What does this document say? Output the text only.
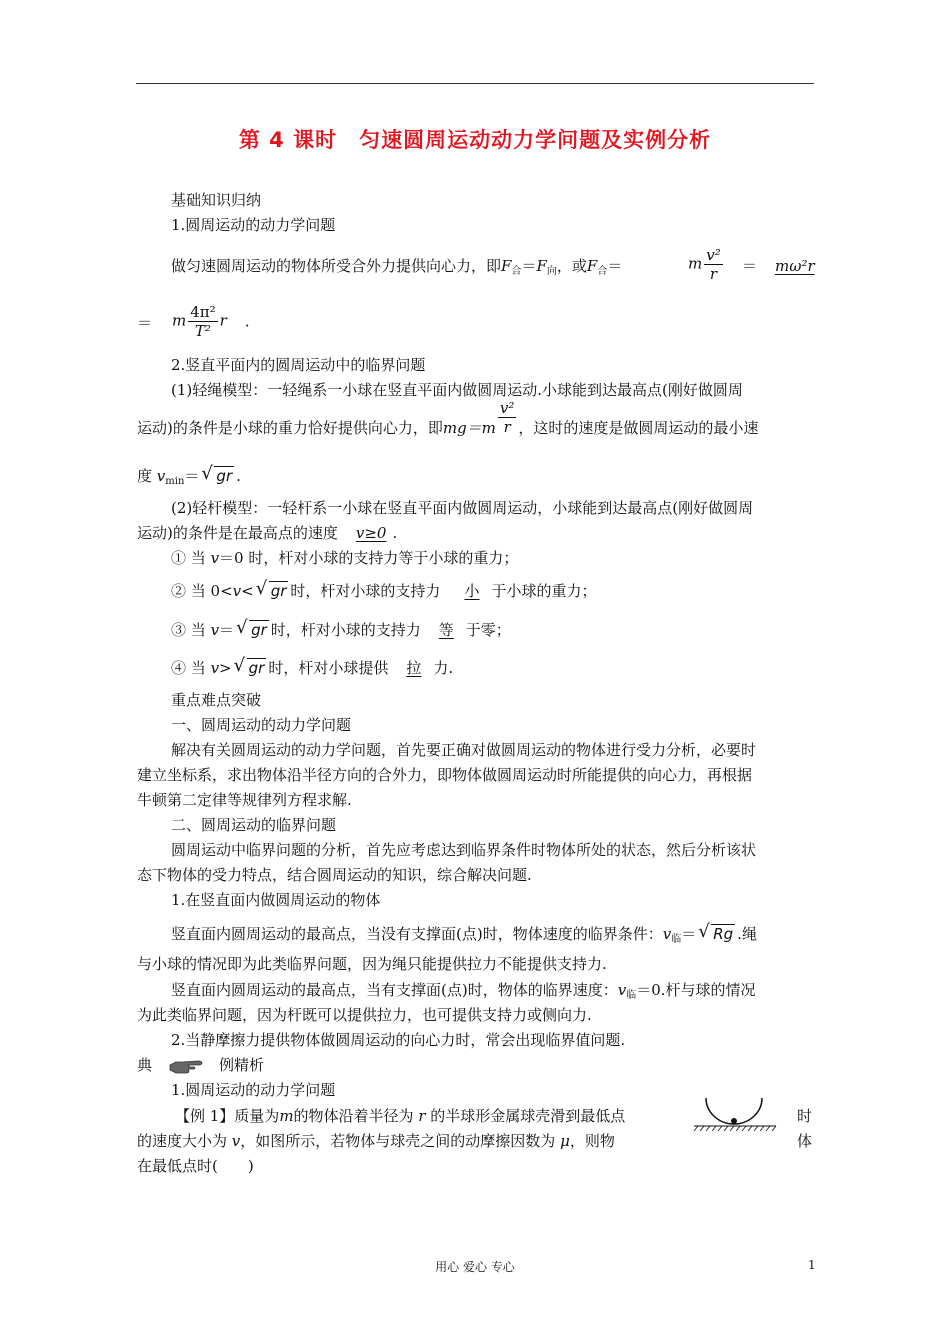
第 4 课时　匀速圆周运动动力学问题及实例分析
基础知识归纳
1.圆周运动的动力学问题
做匀速圆周运动的物体所受合外力提供向心力，即$F_合=F_向$，或$F_合=$	m $\frac{\text{v²}}{r} = m\omega^2r$
＝ m $\frac{\text{4π²}}{\text{T²}}$ r ．
2.竖直平面内的圆周运动中的临界问题
(1)轻绳模型：一轻绳系一小球在竖直平面内做圆周运动.小球能到达最高点(刚好做圆周
运动)的条件是小球的重力恰好提供向心力，即$mg=m \frac{\text{v²}}{r}$ ，这时的速度是做圆周运动的最小速
度 $v_{min}=$ √ gr .
(2)轻杆模型：一轻杆系一小球在竖直平面内做圆周运动，小球能到达最高点(刚好做圆周
运动)的条件是在最高点的速度 v≥0 .
① 当 v＝0 时，杆对小球的支持力等于小球的重力；
② 当 0<v< √ gr 时，杆对小球的支持力 小 于小球的重力；
③ 当 v＝ √ gr 时，杆对小球的支持力 等 于零；
④ 当 v> √ gr 时，杆对小球提供 拉 力.
重点难点突破
一、圆周运动的动力学问题
解决有关圆周运动的动力学问题，首先要正确对做圆周运动的物体进行受力分析，必要时
建立坐标系，求出物体沿半径方向的合外力，即物体做圆周运动时所能提供的向心力，再根据
牛顿第二定律等规律列方程求解.
二、圆周运动的临界问题
圆周运动中临界问题的分析，首先应考虑达到临界条件时物体所处的状态，然后分析该状
态下物体的受力特点，结合圆周运动的知识，综合解决问题.
1.在竖直面内做圆周运动的物体
竖直面内圆周运动的最高点，当没有支撑面(点)时，物体速度的临界条件：$v_临=$ √ Rg .绳
与小球的情况即为此类临界问题，因为绳只能提供拉力不能提供支持力.
竖直面内圆周运动的最高点，当有支撑面(点)时，物体的临界速度：$v_临=0$.杆与球的情况
为此类临界问题，因为杆既可以提供拉力，也可提供支持力或侧向力.
2.当静摩擦力提供物体做圆周运动的向心力时，常会出现临界值问题.
典	例精析
1.圆周运动的动力学问题
【例 1】质量为m的物体沿着半径为 r 的半球形金属球壳滑到最低点	时
的速度大小为 v，如图所示，若物体与球壳之间的动摩擦因数为 μ，则物	体
在最低点时(　　)
用心 爱心 专心	1
